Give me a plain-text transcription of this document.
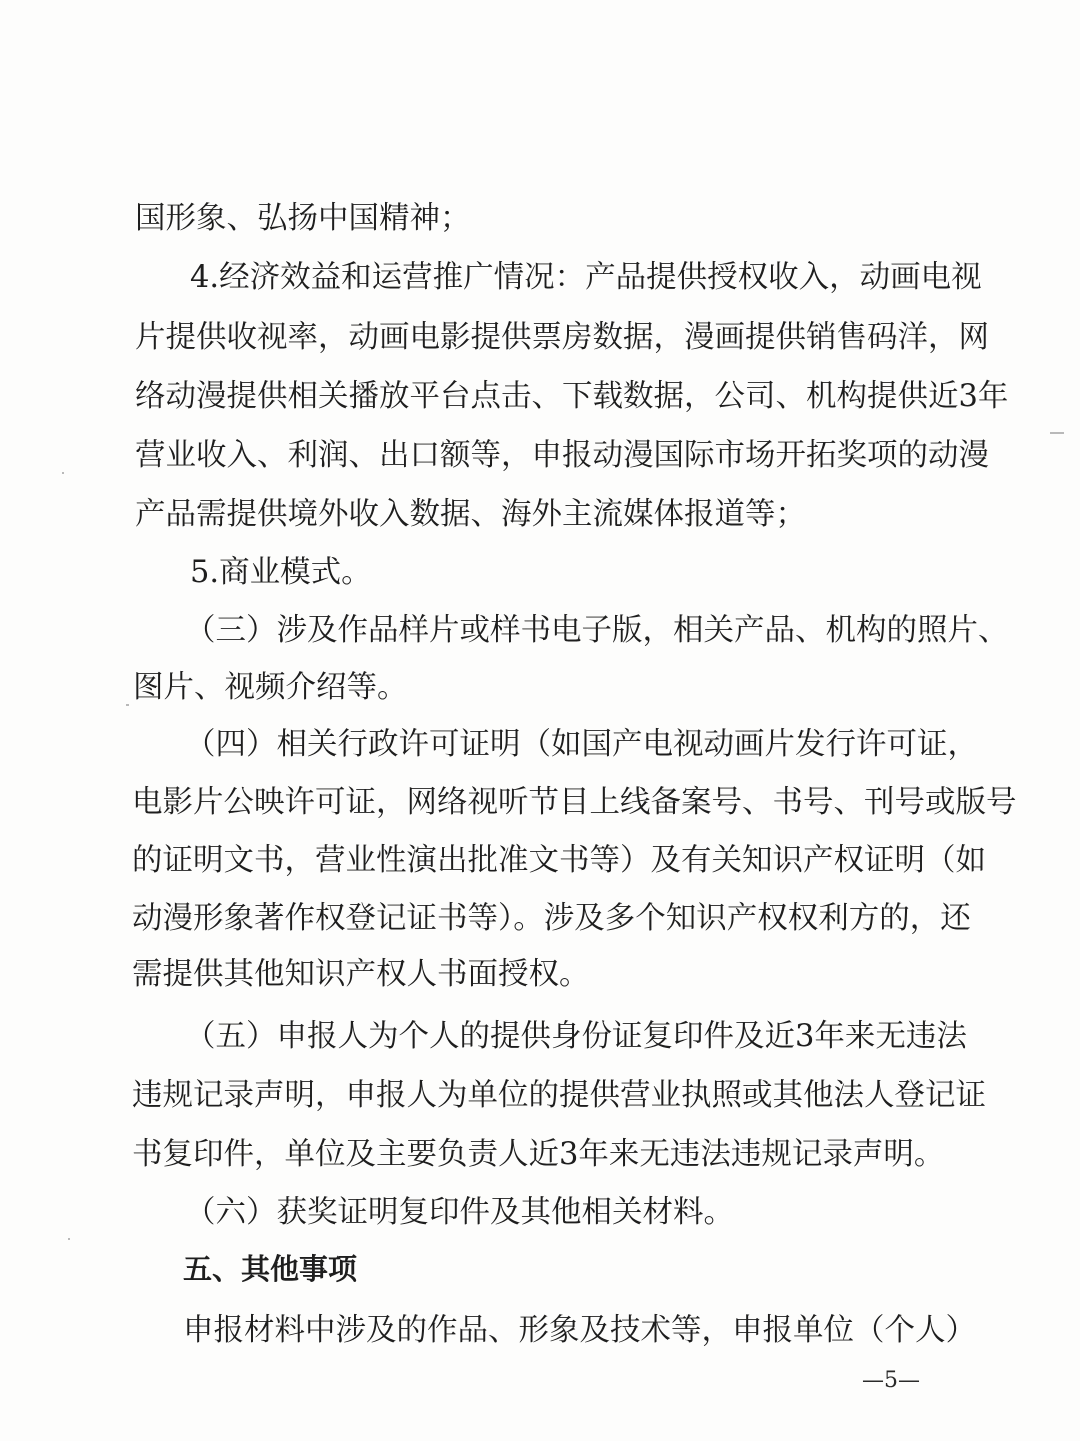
国形象、弘扬中国精神；
4.经济效益和运营推广情况：产品提供授权收入，动画电视
片提供收视率，动画电影提供票房数据，漫画提供销售码洋，网
络动漫提供相关播放平台点击、下载数据，公司、机构提供近3年
营业收入、利润、出口额等，申报动漫国际市场开拓奖项的动漫
产品需提供境外收入数据、海外主流媒体报道等；
5.商业模式。
（三）涉及作品样片或样书电子版，相关产品、机构的照片、
图片、视频介绍等。
（四）相关行政许可证明（如国产电视动画片发行许可证，
电影片公映许可证，网络视听节目上线备案号、书号、刊号或版号
的证明文书，营业性演出批准文书等）及有关知识产权证明（如
动漫形象著作权登记证书等）。涉及多个知识产权权利方的，还
需提供其他知识产权人书面授权。
（五）申报人为个人的提供身份证复印件及近3年来无违法
违规记录声明，申报人为单位的提供营业执照或其他法人登记证
书复印件，单位及主要负责人近3年来无违法违规记录声明。
（六）获奖证明复印件及其他相关材料。
五、其他事项
申报材料中涉及的作品、形象及技术等，申报单位（个人）
—5—
